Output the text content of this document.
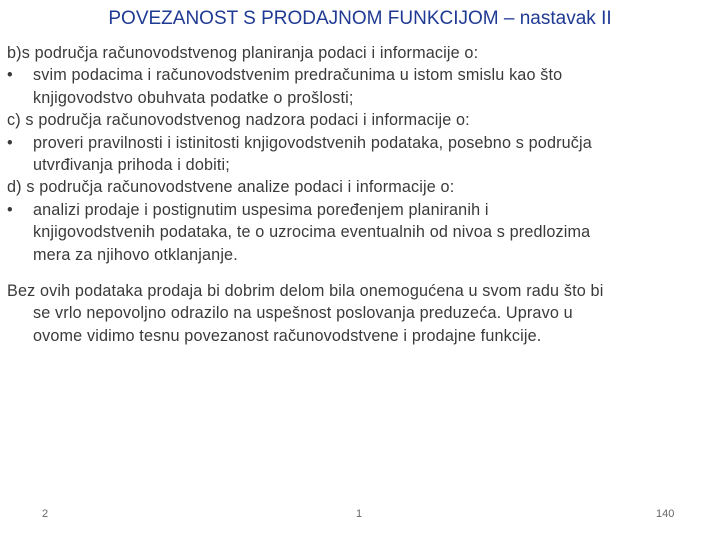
POVEZANOST S PRODAJNOM FUNKCIJOM – nastavak II
b)s područja računovodstvenog planiranja podaci i informacije o:
•	svim podacima i računovodstvenim predračunima u istom smislu kao što
knjigovodstvo obuhvata podatke o prošlosti;
c) s područja računovodstvenog nadzora podaci i informacije o:
•	proveri pravilnosti i istinitosti knjigovodstvenih podataka, posebno s područja
utvrđivanja prihoda i dobiti;
d) s područja računovodstvene analize podaci i informacije o:
•	analizi prodaje i postignutim uspesima poređenjem planiranih i
knjigovodstvenih podataka, te o uzrocima eventualnih od nivoa s predlozima
mera za njihovo otklanjanje.
Bez ovih podataka prodaja bi dobrim delom bila onemogućena u svom radu što bi
se vrlo nepovoljno odrazilo na uspešnost poslovanja preduzeća. Upravo u
ovome vidimo tesnu povezanost računovodstvene i prodajne funkcije.
2	1	140
